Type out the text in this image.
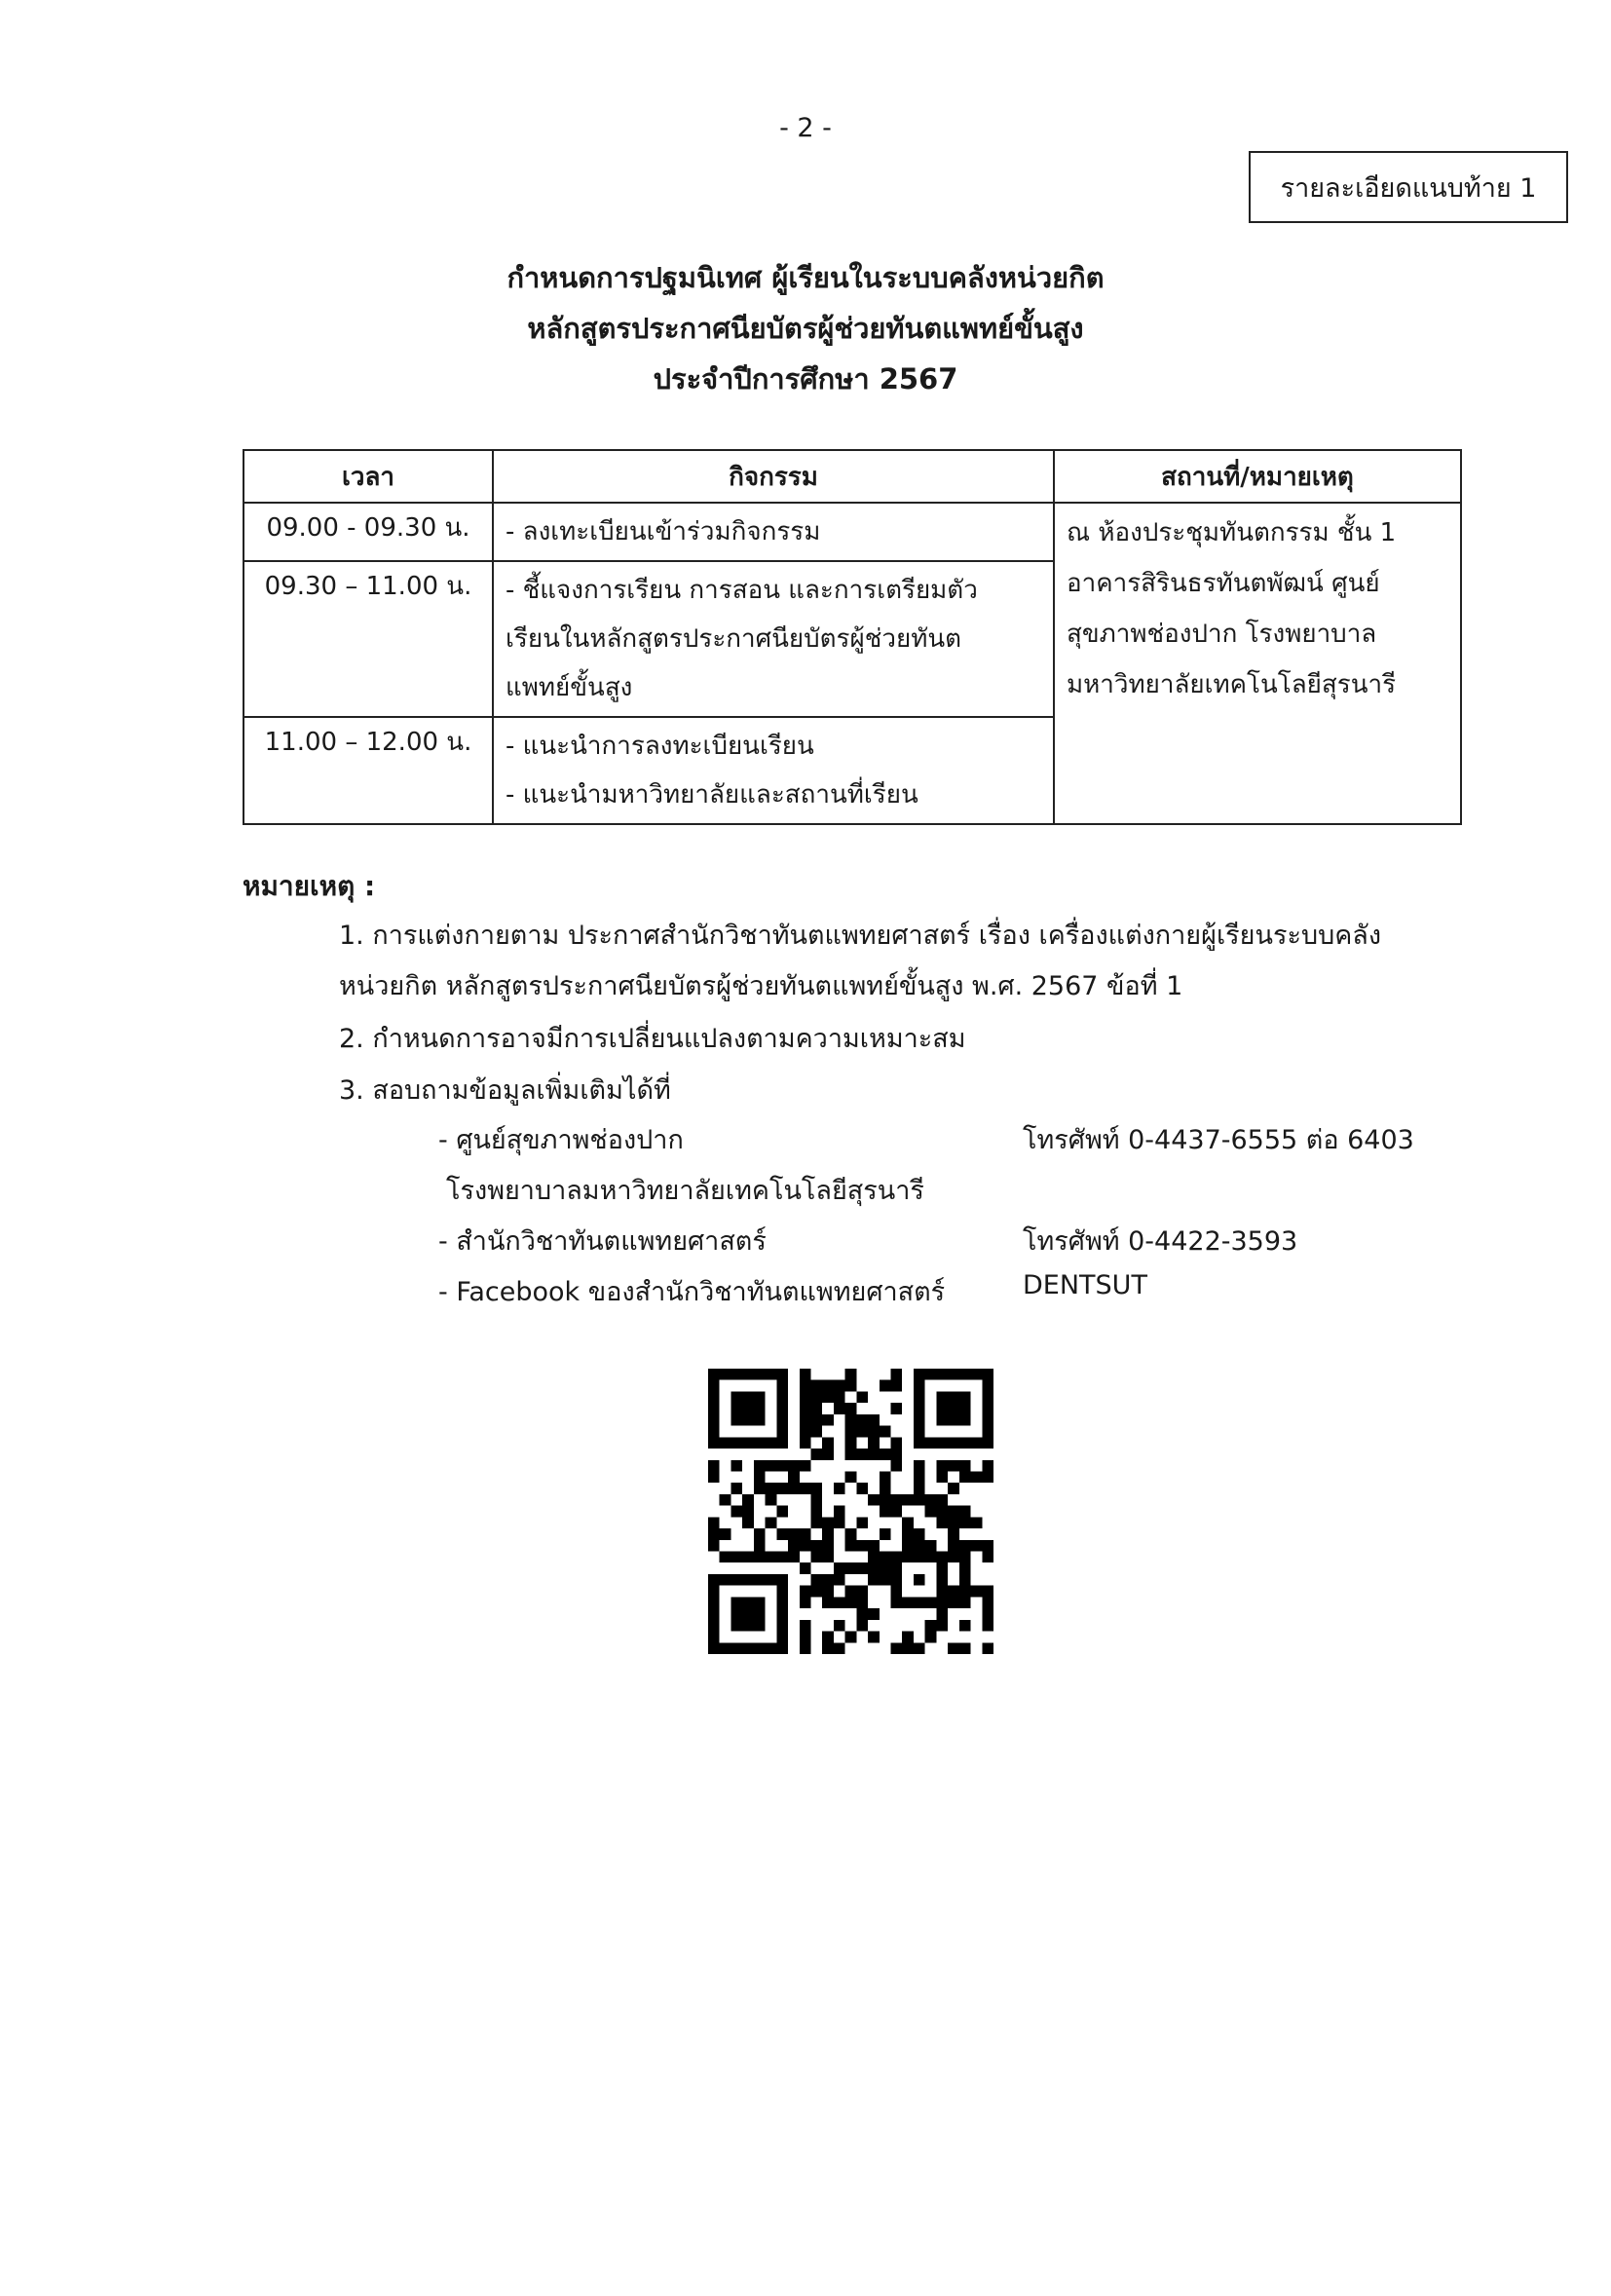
- 2 -
รายละเอียดแนบท้าย 1
กำหนดการปฐมนิเทศ ผู้เรียนในระบบคลังหน่วยกิต
หลักสูตรประกาศนียบัตรผู้ช่วยทันตแพทย์ขั้นสูง
ประจำปีการศึกษา 2567
เวลา	กิจกรรม	สถานที่/หมายเหตุ
09.00 - 09.30 น.	- ลงเทะเบียนเข้าร่วมกิจกรรม	ณ ห้องประชุมทันตกรรม ชั้น 1
อาคารสิรินธรทันตพัฒน์ ศูนย์
สุขภาพช่องปาก โรงพยาบาล
มหาวิทยาลัยเทคโนโลยีสุรนารี

09.30 – 11.00 น.	- ชี้แจงการเรียน การสอน และการเตรียมตัว
เรียนในหลักสูตรประกาศนียบัตรผู้ช่วยทันต
แพทย์ขั้นสูง	

11.00 – 12.00 น.	- แนะนำการลงทะเบียนเรียน
- แนะนำมหาวิทยาลัยและสถานที่เรียน	
หมายเหตุ :
1. การแต่งกายตาม ประกาศสำนักวิชาทันตแพทยศาสตร์ เรื่อง เครื่องแต่งกายผู้เรียนระบบคลัง
หน่วยกิต หลักสูตรประกาศนียบัตรผู้ช่วยทันตแพทย์ขั้นสูง พ.ศ. 2567 ข้อที่ 1
2. กำหนดการอาจมีการเปลี่ยนแปลงตามความเหมาะสม
3. สอบถามข้อมูลเพิ่มเติมได้ที่
- ศูนย์สุขภาพช่องปาก	โทรศัพท์ 0-4437-6555 ต่อ 6403
โรงพยาบาลมหาวิทยาลัยเทคโนโลยีสุรนารี
- สำนักวิชาทันตแพทยศาสตร์	โทรศัพท์ 0-4422-3593
- Facebook ของสำนักวิชาทันตแพทยศาสตร์	DENTSUT
